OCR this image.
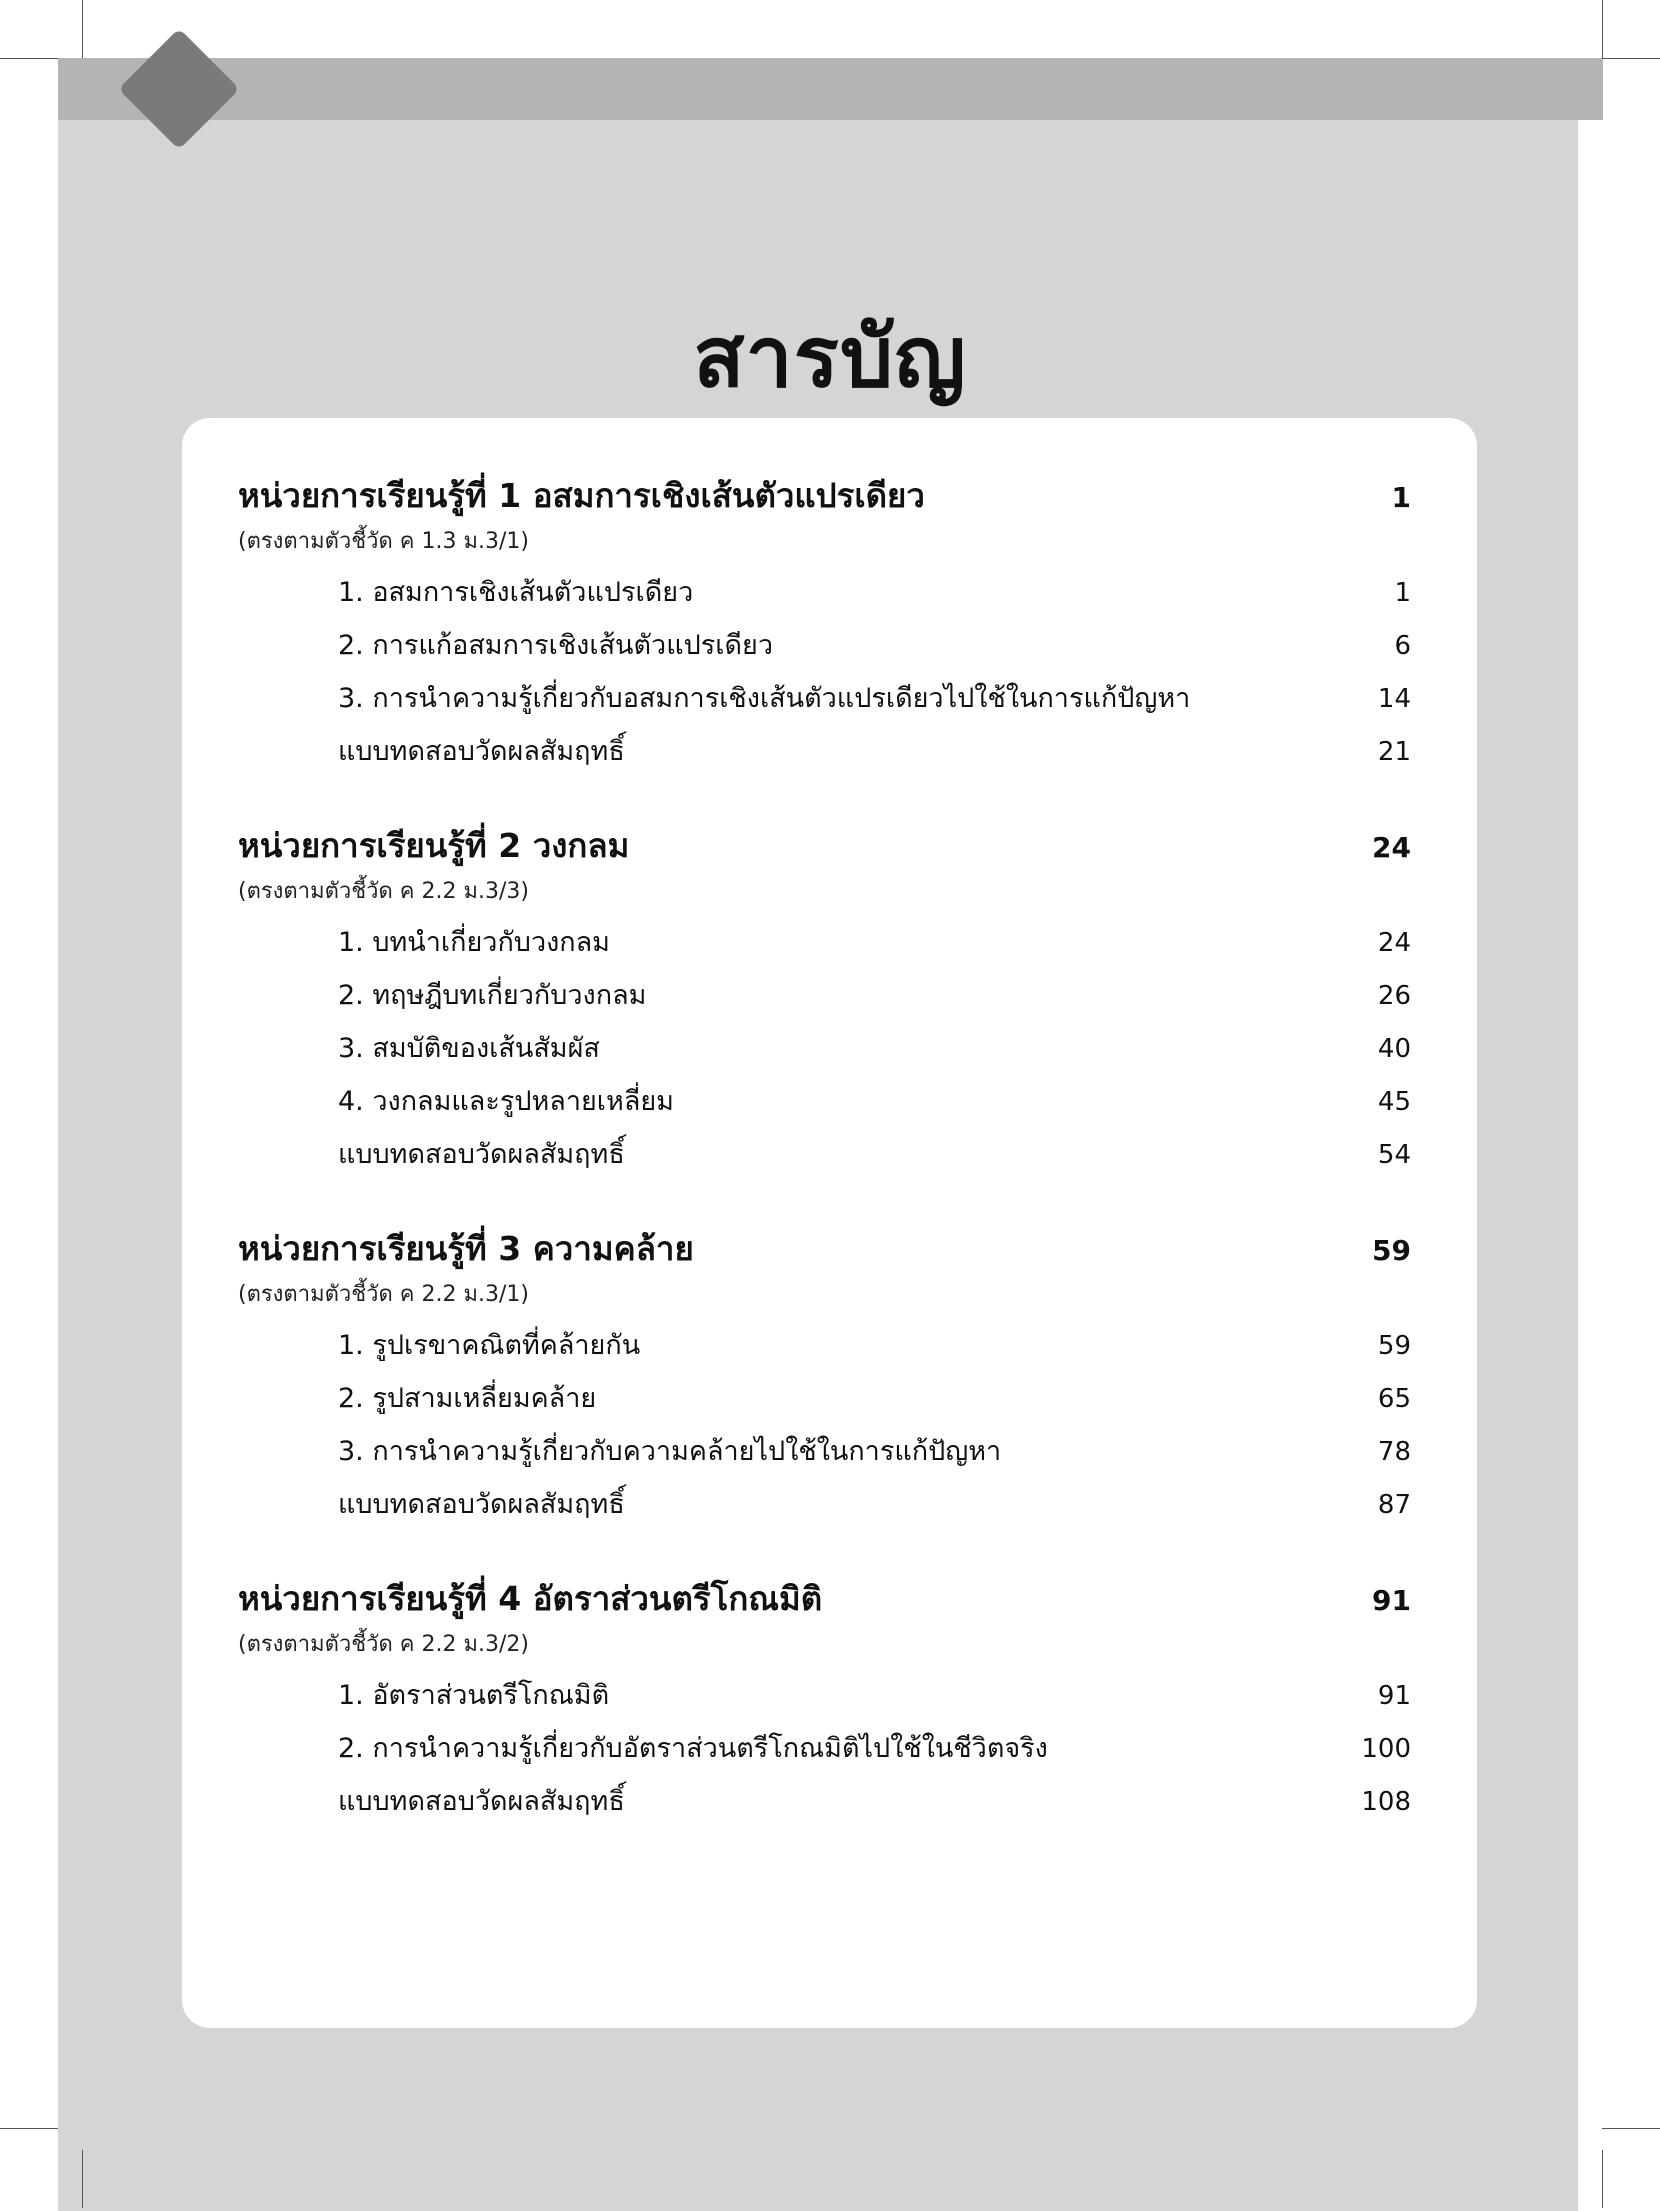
สารบัญ
หน่วยการเรียนรู้ที่ 1 อสมการเชิงเส้นตัวแปรเดียว	1
(ตรงตามตัวชี้วัด ค 1.3 ม.3/1)
1. อสมการเชิงเส้นตัวแปรเดียว	1
2. การแก้อสมการเชิงเส้นตัวแปรเดียว	6
3. การนำความรู้เกี่ยวกับอสมการเชิงเส้นตัวแปรเดียวไปใช้ในการแก้ปัญหา	14
แบบทดสอบวัดผลสัมฤทธิ์	21
หน่วยการเรียนรู้ที่ 2 วงกลม	24
(ตรงตามตัวชี้วัด ค 2.2 ม.3/3)
1. บทนำเกี่ยวกับวงกลม	24
2. ทฤษฎีบทเกี่ยวกับวงกลม	26
3. สมบัติของเส้นสัมผัส	40
4. วงกลมและรูปหลายเหลี่ยม	45
แบบทดสอบวัดผลสัมฤทธิ์	54
หน่วยการเรียนรู้ที่ 3 ความคล้าย	59
(ตรงตามตัวชี้วัด ค 2.2 ม.3/1)
1. รูปเรขาคณิตที่คล้ายกัน	59
2. รูปสามเหลี่ยมคล้าย	65
3. การนำความรู้เกี่ยวกับความคล้ายไปใช้ในการแก้ปัญหา	78
แบบทดสอบวัดผลสัมฤทธิ์	87
หน่วยการเรียนรู้ที่ 4 อัตราส่วนตรีโกณมิติ	91
(ตรงตามตัวชี้วัด ค 2.2 ม.3/2)
1. อัตราส่วนตรีโกณมิติ	91
2. การนำความรู้เกี่ยวกับอัตราส่วนตรีโกณมิติไปใช้ในชีวิตจริง	100
แบบทดสอบวัดผลสัมฤทธิ์	108
